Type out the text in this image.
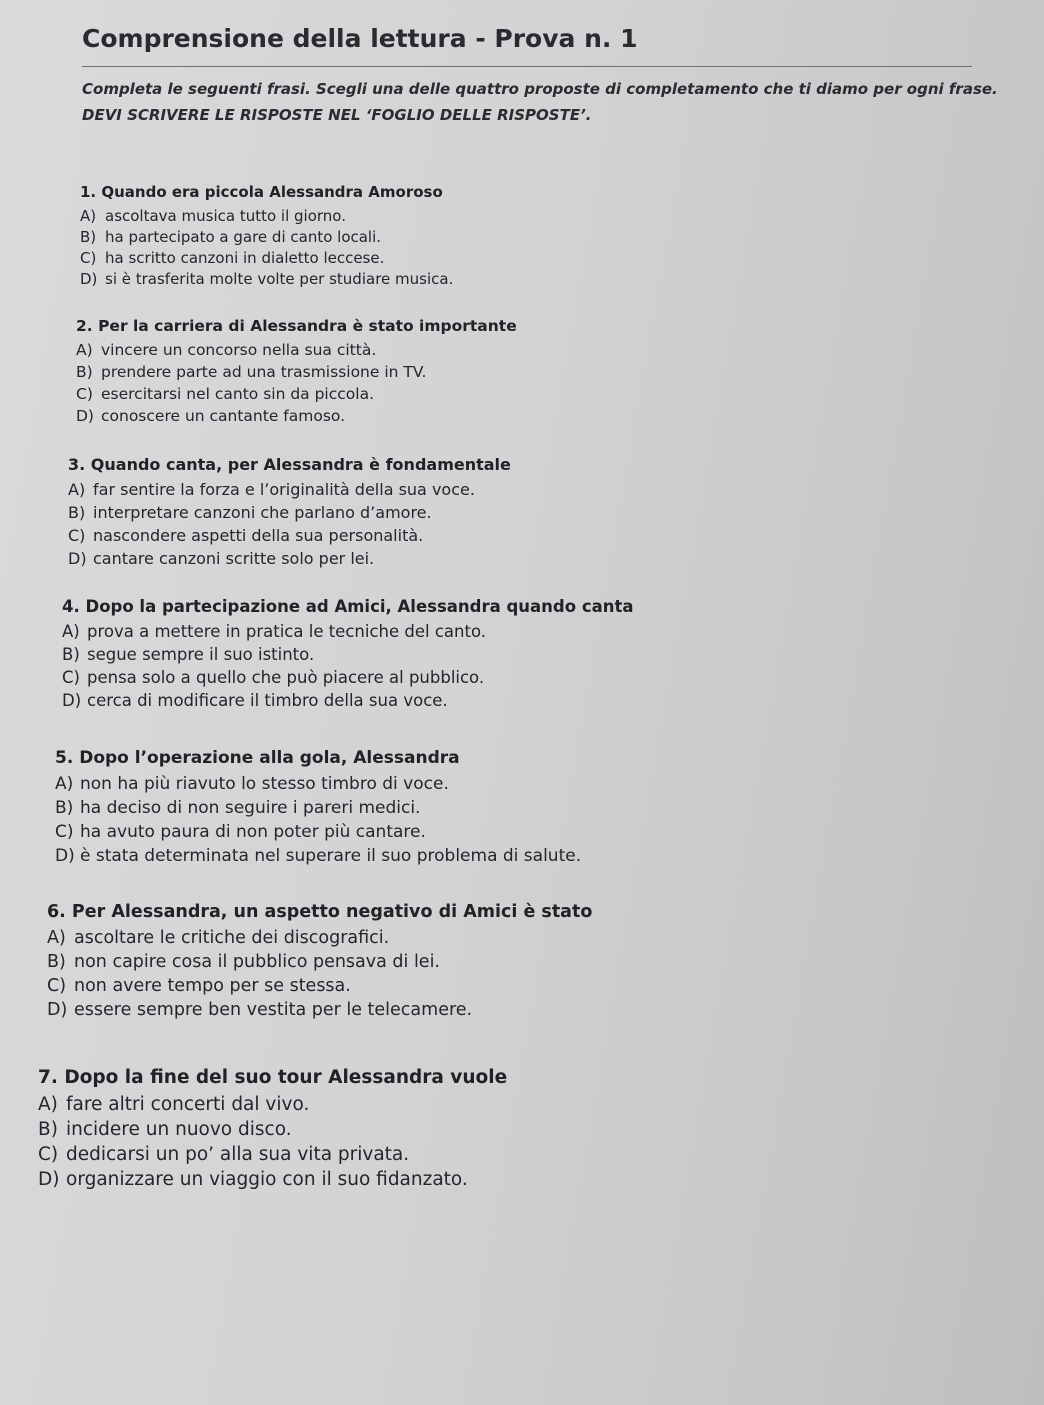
Comprensione della lettura - Prova n. 1
Completa le seguenti frasi. Scegli una delle quattro proposte di completamento che ti diamo per ogni frase.
DEVI SCRIVERE LE RISPOSTE NEL ‘FOGLIO DELLE RISPOSTE’.
1. Quando era piccola Alessandra Amoroso
A) ascoltava musica tutto il giorno.
B) ha partecipato a gare di canto locali.
C) ha scritto canzoni in dialetto leccese.
D) si è trasferita molte volte per studiare musica.
2. Per la carriera di Alessandra è stato importante
A) vincere un concorso nella sua città.
B) prendere parte ad una trasmissione in TV.
C) esercitarsi nel canto sin da piccola.
D) conoscere un cantante famoso.
3. Quando canta, per Alessandra è fondamentale
A) far sentire la forza e l’originalità della sua voce.
B) interpretare canzoni che parlano d’amore.
C) nascondere aspetti della sua personalità.
D) cantare canzoni scritte solo per lei.
4. Dopo la partecipazione ad Amici, Alessandra quando canta
A) prova a mettere in pratica le tecniche del canto.
B) segue sempre il suo istinto.
C) pensa solo a quello che può piacere al pubblico.
D) cerca di modificare il timbro della sua voce.
5. Dopo l’operazione alla gola, Alessandra
A) non ha più riavuto lo stesso timbro di voce.
B) ha deciso di non seguire i pareri medici.
C) ha avuto paura di non poter più cantare.
D) è stata determinata nel superare il suo problema di salute.
6. Per Alessandra, un aspetto negativo di Amici è stato
A) ascoltare le critiche dei discografici.
B) non capire cosa il pubblico pensava di lei.
C) non avere tempo per se stessa.
D) essere sempre ben vestita per le telecamere.
7. Dopo la fine del suo tour Alessandra vuole
A) fare altri concerti dal vivo.
B) incidere un nuovo disco.
C) dedicarsi un po’ alla sua vita privata.
D) organizzare un viaggio con il suo fidanzato.
